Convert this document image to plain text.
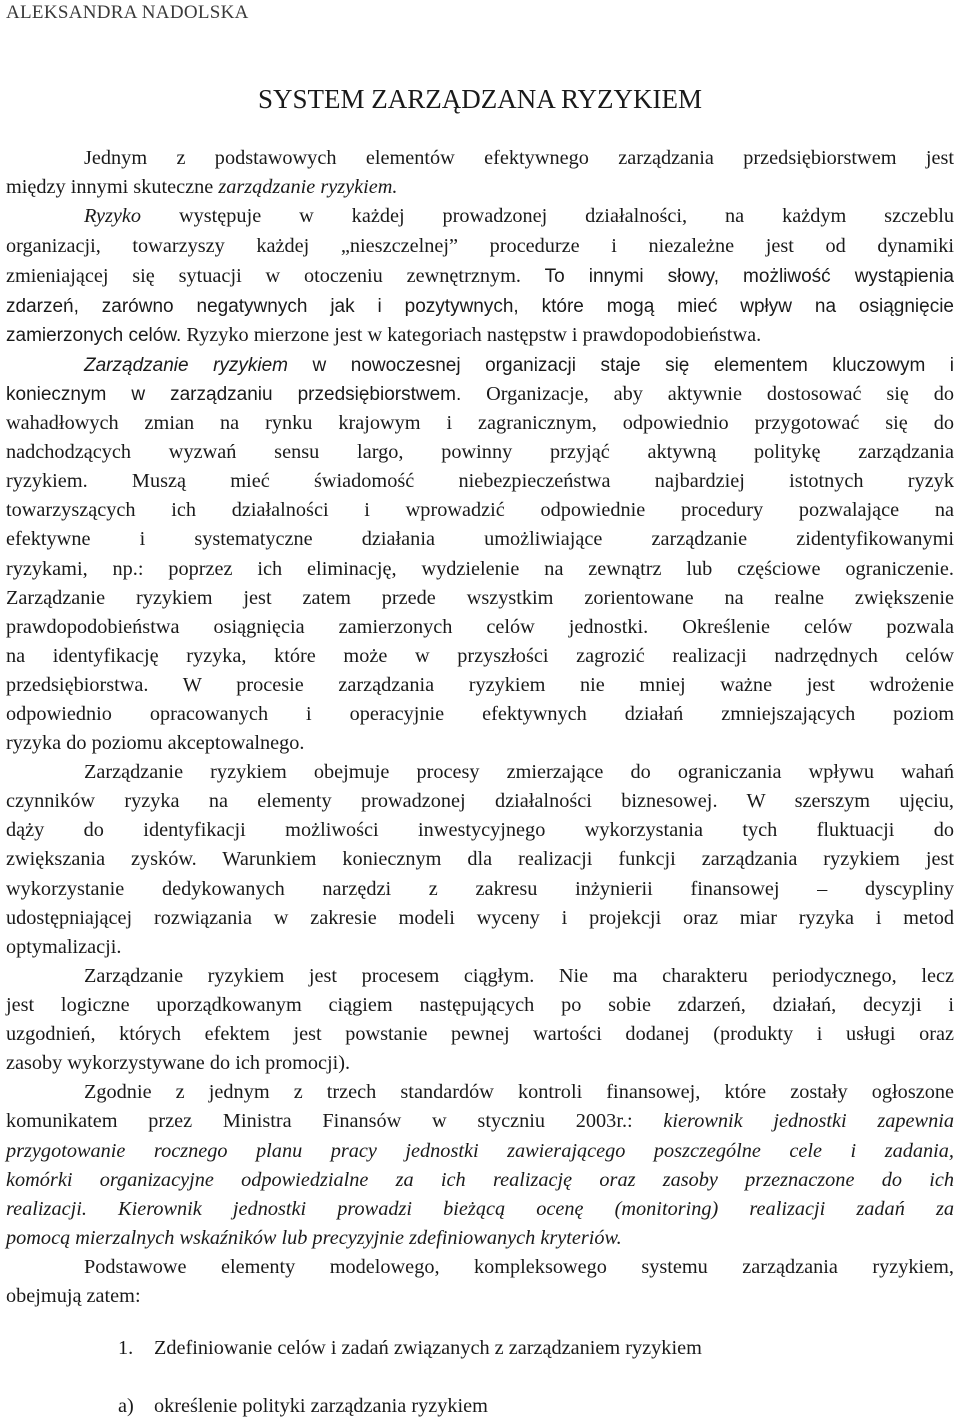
ALEKSANDRA NADOLSKA
SYSTEM ZARZĄDZANA RYZYKIEM
Jednym z podstawowych elementów efektywnego zarządzania przedsiębiorstwem jest
między innymi skuteczne zarządzanie ryzykiem.
Ryzyko występuje w każdej prowadzonej działalności, na każdym szczeblu
organizacji, towarzyszy każdej „nieszczelnej” procedurze i niezależne jest od dynamiki
zmieniającej się sytuacji w otoczeniu zewnętrznym. To innymi słowy, możliwość wystąpienia
zdarzeń, zarówno negatywnych jak i pozytywnych, które mogą mieć wpływ na osiągnięcie
zamierzonych celów. Ryzyko mierzone jest w kategoriach następstw i prawdopodobieństwa.
Zarządzanie ryzykiem w nowoczesnej organizacji staje się elementem kluczowym i
koniecznym w zarządzaniu przedsiębiorstwem. Organizacje, aby aktywnie dostosować się do
wahadłowych zmian na rynku krajowym i zagranicznym, odpowiednio przygotować się do
nadchodzących wyzwań sensu largo, powinny przyjąć aktywną politykę zarządzania
ryzykiem. Muszą mieć świadomość niebezpieczeństwa najbardziej istotnych ryzyk
towarzyszących ich działalności i wprowadzić odpowiednie procedury pozwalające na
efektywne i systematyczne działania umożliwiające zarządzanie zidentyfikowanymi
ryzykami, np.: poprzez ich eliminację, wydzielenie na zewnątrz lub częściowe ograniczenie.
Zarządzanie ryzykiem jest zatem przede wszystkim zorientowane na realne zwiększenie
prawdopodobieństwa osiągnięcia zamierzonych celów jednostki. Określenie celów pozwala
na identyfikację ryzyka, które może w przyszłości zagrozić realizacji nadrzędnych celów
przedsiębiorstwa. W procesie zarządzania ryzykiem nie mniej ważne jest wdrożenie
odpowiednio opracowanych i operacyjnie efektywnych działań zmniejszających poziom
ryzyka do poziomu akceptowalnego.
Zarządzanie ryzykiem obejmuje procesy zmierzające do ograniczania wpływu wahań
czynników ryzyka na elementy prowadzonej działalności biznesowej. W szerszym ujęciu,
dąży do identyfikacji możliwości inwestycyjnego wykorzystania tych fluktuacji do
zwiększania zysków. Warunkiem koniecznym dla realizacji funkcji zarządzania ryzykiem jest
wykorzystanie dedykowanych narzędzi z zakresu inżynierii finansowej – dyscypliny
udostępniającej rozwiązania w zakresie modeli wyceny i projekcji oraz miar ryzyka i metod
optymalizacji.
Zarządzanie ryzykiem jest procesem ciągłym. Nie ma charakteru periodycznego, lecz
jest logiczne uporządkowanym ciągiem następujących po sobie zdarzeń, działań, decyzji i
uzgodnień, których efektem jest powstanie pewnej wartości dodanej (produkty i usługi oraz
zasoby wykorzystywane do ich promocji).
Zgodnie z jednym z trzech standardów kontroli finansowej, które zostały ogłoszone
komunikatem przez Ministra Finansów w styczniu 2003r.: kierownik jednostki zapewnia
przygotowanie rocznego planu pracy jednostki zawierającego poszczególne cele i zadania,
komórki organizacyjne odpowiedzialne za ich realizację oraz zasoby przeznaczone do ich
realizacji. Kierownik jednostki prowadzi bieżącą ocenę (monitoring) realizacji zadań za
pomocą mierzalnych wskaźników lub precyzyjnie zdefiniowanych kryteriów.
Podstawowe elementy modelowego, kompleksowego systemu zarządzania ryzykiem,
obejmują zatem:
1. Zdefiniowanie celów i zadań związanych z zarządzaniem ryzykiem
a) określenie polityki zarządzania ryzykiem
